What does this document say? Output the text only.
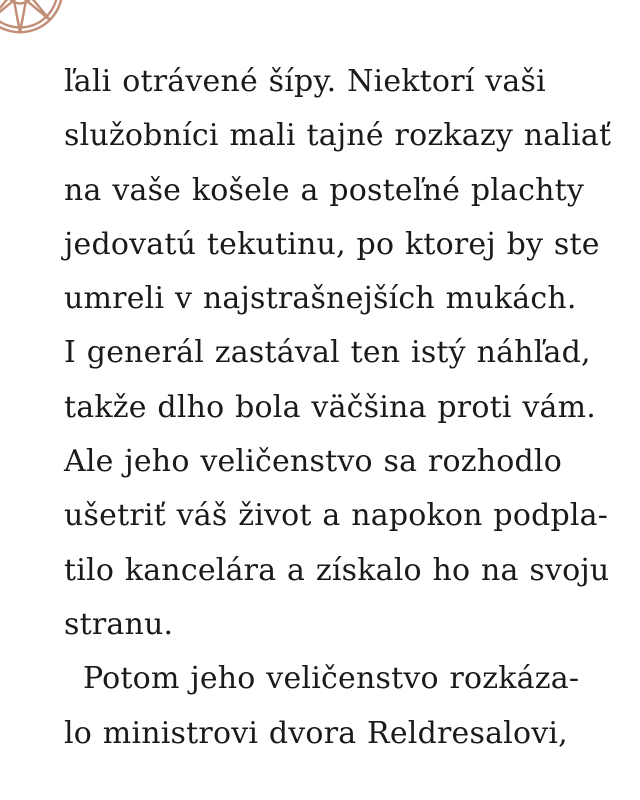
ľali otrávené šípy. Niektorí vaši
služobníci mali tajné rozkazy naliať
na vaše košele a posteľné plachty
jedovatú tekutinu, po ktorej by ste
umreli v najstrašnejších mukách.
I generál zastával ten istý náhľad,
takže dlho bola väčšina proti vám.
Ale jeho veličenstvo sa rozhodlo
ušetriť váš život a napokon podpla-
tilo kancelára a získalo ho na svoju
stranu.
Potom jeho veličenstvo rozkáza-
lo ministrovi dvora Reldresalovi,
